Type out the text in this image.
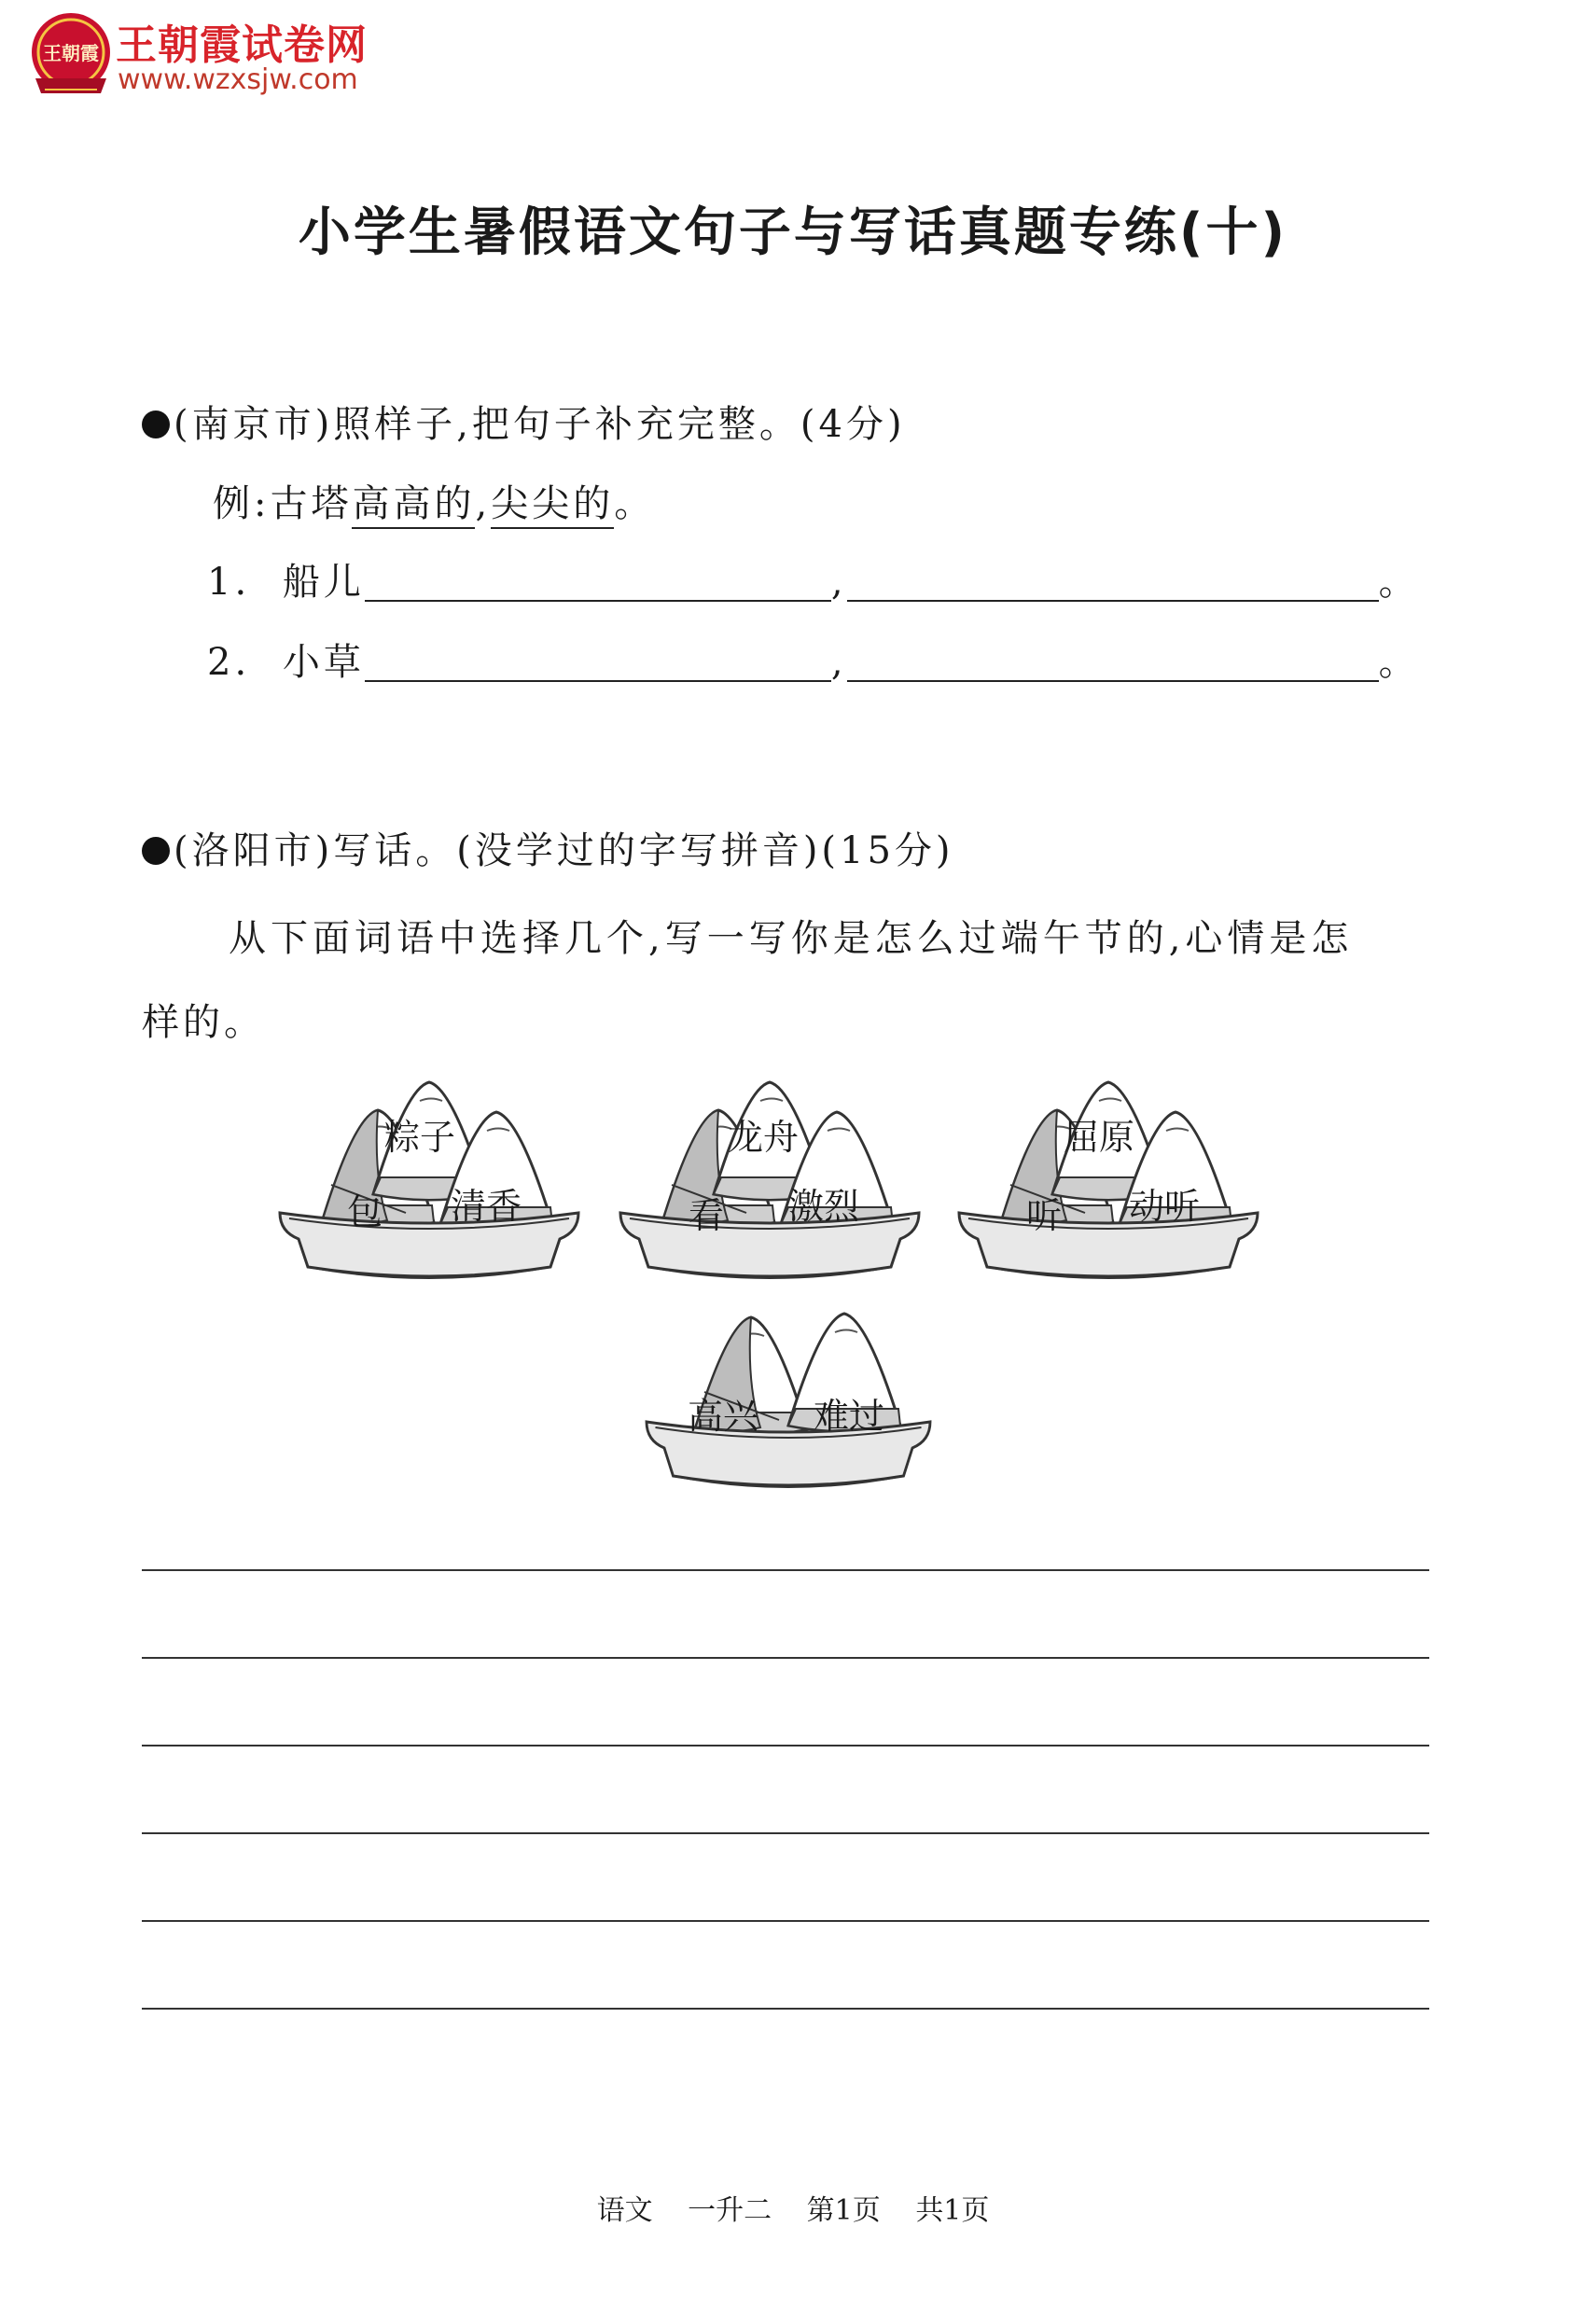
王朝霞 王朝霞试卷网
www.wzxsjw.com
小学生暑假语文句子与写话真题专练(十)
(南京市)照样子,把句子补充完整。(4分)
例:古塔高高的,尖尖的。
1. 船儿	,	。
2. 小草	,	。
(洛阳市)写话。(没学过的字写拼音)(15分)
从下面词语中选择几个,写一写你是怎么过端午节的,心情是怎
样的。
粽子
包 清香
龙舟
看 激烈
屈原
听 动听
高兴 难过
语文 一升二 第1页 共1页
